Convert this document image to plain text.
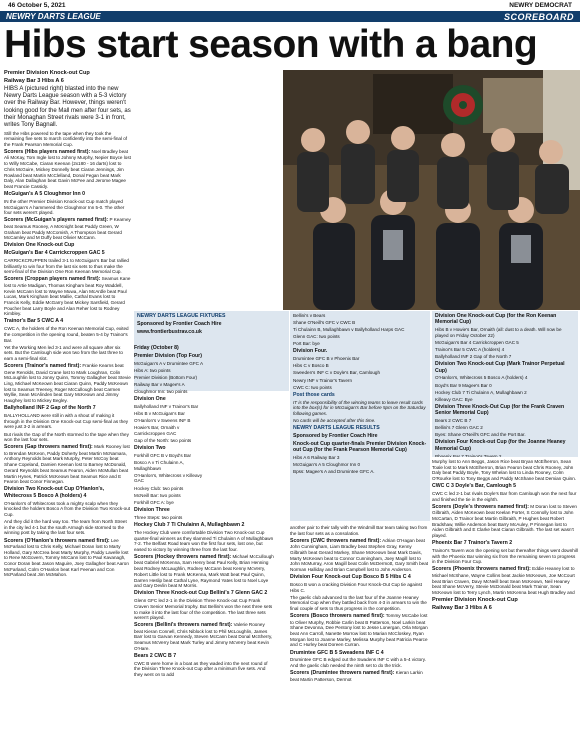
46 October 5, 2021	NEWRY DEMOCRAT
NEWRY DARTS LEAGUE	SCOREBOARD
Hibs start season with a bang

Premier Division Knock-out Cup

Railway Bar 3 Hibs A 6

HIBS A (pictured right) blasted into the new Newry Darts League season with a 5-3 victory over the Railway Bar. However, things weren't looking good for the Mall men after four sets, as their Monaghan Street rivals were 3-1 in front, writes Tony Bagnall.

Still the Hibs powered to the tape when they took the remaining five sets to march confidently into the semi-final of the Frank Pearson Memorial Cup.

Scorers (Hibs players named first): Noel Bradley beat Ali McKay, Tom Ingle lost to Johnny Murphy, Nepier Boyce lost to Willy McCabe, Ciaran Keenan (2x180 - 16 darts) lost to Chris McGuire, Mickey Donnelly beat Ciaran Jennings, Jim Rowland beat Martin McClelland, Donal Fegan beat Mark Daly, Alan Dallaghan beat Gavin McFee and Jerome Magee beat Francie Cassidy.

McGuigan's A 5 Cloughmor Inn 0

IN the other Premier Division Knock-out Cup match played McGuigan's A hammered the Cloughmor Inn 5-0. The other four sets weren't played.

Scorers (McGuigan's players named first): P Kearney beat Seamus Rooney, A McKnight beat Paddy Green, W Graham beat Paddy McComish, A Thompson beat Gerard McCamley and M Duffy beat Olivier McCann.

Division One Knock-out Cup

McGuigan's Bar 4 Carrickcroppen GAC 5

CARRICKCRUPPEN trailed 3-1 to McGuigan's Bar but rallied brilliantly to win four from the last six sets to thus make the semi-final of the Division One Ron Keenan Memorial Cup.

Scorers (Croppan players named first): Seamus Kane lost to Artie Madigan, Thomas Kingham beat Roy Waddell, Kevin McCann lost to Wayne Muwa, Alan McArdle beat Paul Lucas, Mark Kingham beat Mallie, Cathal Evans lost to Francis Kelly, Eddie McGarry beat Mickey Sarsfield, Gerard Poucher beat Larry Boyle and Alan Reher lost to Rodney Kimbley.

Trainor's Bar 5 CWC A 4

CWC A, the holders of the Ron Keenan Memorial Cup, exited the competition in the opening round, beaten 5-4 by Trainor's Bar.

Yet the Working Men led 3-1 and were all square after six sets. But the Camlough side won two from the last three to earn a semi-final slot.

Scorers (Trainor's named first): Frankie Kearns beat Gene Renolds, David Crane lost to Mark Loughran, Colin McLoughlin lost to Jonny Quinn, Tommy Gallagher beat Stevie Ling, Michael McKeown beat Ciaran Quinn, Paddy McKeown lost to Seamus Treeney, Roger McCullough beat Carmen Wyllie, Sean McAlinden beat Gary McKeown and Jimmy Haughey lost to Mickey Begley.

Ballyholland INF 2 Gap of the North 7

BALLYHOLLAND were still in with a shout of making it through in the Division One Knock-out Cup semi-final as they were just 3-2 in arrears.

But rivals the Gap of the North stormed to the tape when they won the last four sets.

Scorers (Gap throwers named first): Mark Rooney lost to Brendan McKeon, Paddy Doherty beat Martin McNamara, Anthony Reynolds beat Mark Murphy, Peter McCoy beat Shane Copeland, Damien Keenan lost to Barney McDonald, Gerard Reynolds beat Seamus Fearon, Aiden McMullan beat Martin Hynes, Patrick McKeown beat Seamus Rice and E Fearon beat Conor Finnegan.

Division Two Knock-out Cup O'Hanlon's, Whitecross 5 Bosco A (holders) 4

O'Hanlon's of Whitecross took a mighty scalp when they knocked the holders Bosco A from the Division Two Knock-out Cup.

And they did it the hard way too. The team from North Street in the city led 4-1 but the south Armagh side stormed to the winning post by taking the last four sets.

Scorers (O'Hanlon's throwers named first): Lee McFarland lost to Chris Kelly, Michael Doran lost to Marty Holland, Gary McCrea beat Marty Murphy, Paddy Lavelle lost to Rene McGovern, Tommy McCann lost to Paul Kavanagh, Conor Doran beat Jason Maguire, Joey Gallagher beat Aaron McFarland, Colm O'Hanlon beat Karl Feenan and Con McParland beat Jim McMahon.

NEWRY DARTS LEAGUE FIXTURES

Sponsored by Frontier Coach Hire

www.frontierbustrav.co.uk

Friday (October 8)

Premier Division (Top Four)

McGuigan's A v Drumintee GFC A

Hibs A: two points

Premier Division (Bottom Four)

Railway Bar v Magee's A

Cloughmor Inn: two points

Division One

Ballyholland INF v Trainor's Bar

Hibs B v McGuigan's Bar

O'Hanlon's v Sweens INF B

Howie's Bar, Ornaith v Carrickcroppen GAC

Gap of the North: two points

Division Two

Forkhill GFC B v Boyd's Bar

Bosco A v Ti Chulainn A, Mullaghbawn

O'Hanlon's, Whitecross v Killeavy GAC

Hockey Club: two points

McNeill Bar: two points

Forkhill GFC A: bye

Division Three

Three Steps: two points

Hockey Club 7 Ti Chulainn A, Mullaghbawn 2

The Hockey Club were comfortable Division Two Knock-out Cup quarter-final winners as they slammed Ti Chulainn A of Mullaghbawn 7-2. The Belfast Road team won the first four sets, lost one, but eased to victory by winning three from the last four.

Scorers (Hockey throwers named first): Michael McCullough beat Gabriel McKenna, Sam Henry beat Paul Kelly, Brian Henning beat Rodney McLaughlin, Rodney McCann beat Kenny McVerry, Robert Little lost to Frank McKenna, Mark Watt beat Paul Quinn, Darren Heslip beat Cathal Lyne, Raymond Yates lost to Noel Loye and Gary Devlin beat M Morris.

Division Three Knock-out Cup Bellini's 7 Glenn GAC 2

Glenn GFC led 2-1 in the Division Three Knock-out Cup Frank Craven Senior Memorial trophy. But Bellini's won the next three sets to make it into the last four of the competition. The last three sets weren't played.

Scorers (Bellini's throwers named first): Valerie Rooney beat Kieran Connell, Chris Niblock lost to Phil McLoughlin, James Barr lost to Garvan Kennedy, Steven McCann beat Donal McSherry, Seamus McVerry beat Mark Turley and Jimmy McVerry beat Kevin O'Hare.

Bears 2 CWC B 7

CWC B were home in a boat as they waded into the next round of the Division Three Knock-out Cup after a minimum five sets. And they went on to add

Bellini's v Bears

Shane O'Neill's GFC v CWC B

Ti Chulainn B, Mullaghbawn v Ballyholland Harps GAC

Glenn GAC: two points

Port Bar: bye

Division Four.

Drumintee GFC B v Phoenix Bar

Hibs C v Bosco B

Sweeden's INF C v Doyle's Bar, Camlough

Newry INF v Trainor's Tavern

CWC C: two points

Post those cards

IT is the responsibility of the winning teams to leave result cards into the box(s) for in McGuigan's Bar before 5pm on the Saturday following games.

No cards will be accepted after this time.

NEWRY DARTS LEAGUE RESULTS

Sponsored by Frontier Coach Hire

Knock-out Cup quarter-finals Premier Division Knock-out Cup (for the Frank Pearson Memorial Cup)

Hibs A 6 Railway Bar 3

McGuigan's A 5 Cloughmor Inn 0

Bpss: Magee's A and Drumintee GFC A.

Division One Knock-out Cup (for the Ron Keenan Memorial Cup)

Hibs B v Howie's Bar, Ornaith (all: dust to a death. Will now be played on Friday October 22)

McGuigan's Bar 4 Carrickcroppen GAC 5

Trainor's Bar 5 CWC A (holders) 4

Ballyholland INF 2 Gap of the North 7

Division Two Knock-out Cup (Mark Trainor Perpetual Cup)

O'Hanlon's, Whitecross 5 Bosco A (holders) 4

Boyd's Bar 9 Magee's Bar 0

Hockey Club 7 Ti Chulainn A, Mullaghbawn 2

Killeavy GAC: Bye

Division Three Knock-Out Cup (for the Frank Craven Senior Memorial Cup)

Bears 2 CWC B 7

Bellini's 7 Glenn GAC 2

Byes: Shane O'Neill's GFC and the Port Bar.

Division Four Knock-out Cup (for the Joanne Heaney Memorial Cup)

Phoenix Bar 7 Trainor's Tavern 2

another pair to their tally with the Windmill Bar team taking two from the last four sets as a consolation.

Scorers (CWC throwers named first): Adrian O'Hagan beat John Cunningham, Liam Bradley beat Stephen Gray, Kenny Gilbraith beat Gerard Markey, Shane McKeown beat Mark Davis, Marty McKeown beat to Connor Cunningham, Joey Magill lost to John McMurray, Aron Magill beat Colin McDermott, Gary Smith beat Norman Halliday and Brian Campbell lost to John Anderson.

Division Four Knock-out Cup Bosco B 5 Hibs C 4

Bosco B won a cracking Division Four Knock-Out Cup tie against Hibs C.

The gaelic club advanced to the last four of the Joanne Heaney Memorial Cup when they battled back from 4-3 in arrears to win the final couple of sets to thus progress in the competition.

Scorers (Bosco throwers named first): Tommy McCabe lost to Oliver Murphy, Robbie Carlin beat B Patterson, Noel Larkin beat Shane Devonna, Dee Pentony lost to Jesse Lonergan, Orla Morgan beat Ann Carroll, Nanette Morrow lost to Marian McCloskey, Ryan Morgan lost to Joanne Marley, Melissa Murphy beat Patricia Pearce and C Hurley beat Doreen Curran.

Drumintee GFC B 5 Sweadens INF C 4

Drumintee GFC B edged out the Swadens INF C with a 5-4 victory. And the gaelic club needed the ninth set to do the trick.

Scorers (Drumintee throwers named first): Kieran Larkin beat Martin Patterson, Dermot

Murphy lost to Ann Beggs, Jason Rice beat Bryan McElherron, Sean Toale lost to Mark McElherron, Brian Fearon beat Chris Rooney, John Daly beat Paddy Boyle, Tony Whelan lost to Linda Rooney, Colm O'Rourke lost to Tony Beggs and Paddy McShane beat Demian Quinn.

CWC C 3 Doyle's Bar, Camlough 5

CWC C led 2-1 but rivals Doyle's Bar from Camlough won the next four and finished the tie in the eighth.

Scorers (Doyle's throwers named first): M Doran lost to Steven Gilbraith, Aiden McKeown beat Keelan Porter, S Connolly lost to John McCartan, D Trainor beat Martin Gilbraith, P Hughes beat Robert Bradshaw, Willie Anderson beat Barry McAuley, P Finnegan lost to Aiden Gilbraith and E Clarke beat Ciaran Gilbraith. The last set wasn't played.

Phoenix Bar 7 Trainor's Tavern 2

Trainor's Tavern won the opening set but thereafter things went downhill with the Phoenix Bar winning six from the remaining seven to progress in the Division Four Cup.

Scorers (Phoenix throwers named first): Eddie Heaney lost to Michael McShane, Wayne Collins beat Jackie McKeown, Joe McCourt beat Brian Craven, Davy McNeill beat Sean McKeown, Neil Heaney beat Shane McVerry, Stevie McDonald beat Mark Trainor, Sean McKeown lost to Terry Lynch, Martin McKenna beat Hugh Bradley and

Premier Division Knock-out Cup

Railway Bar 3 Hibs A 6
